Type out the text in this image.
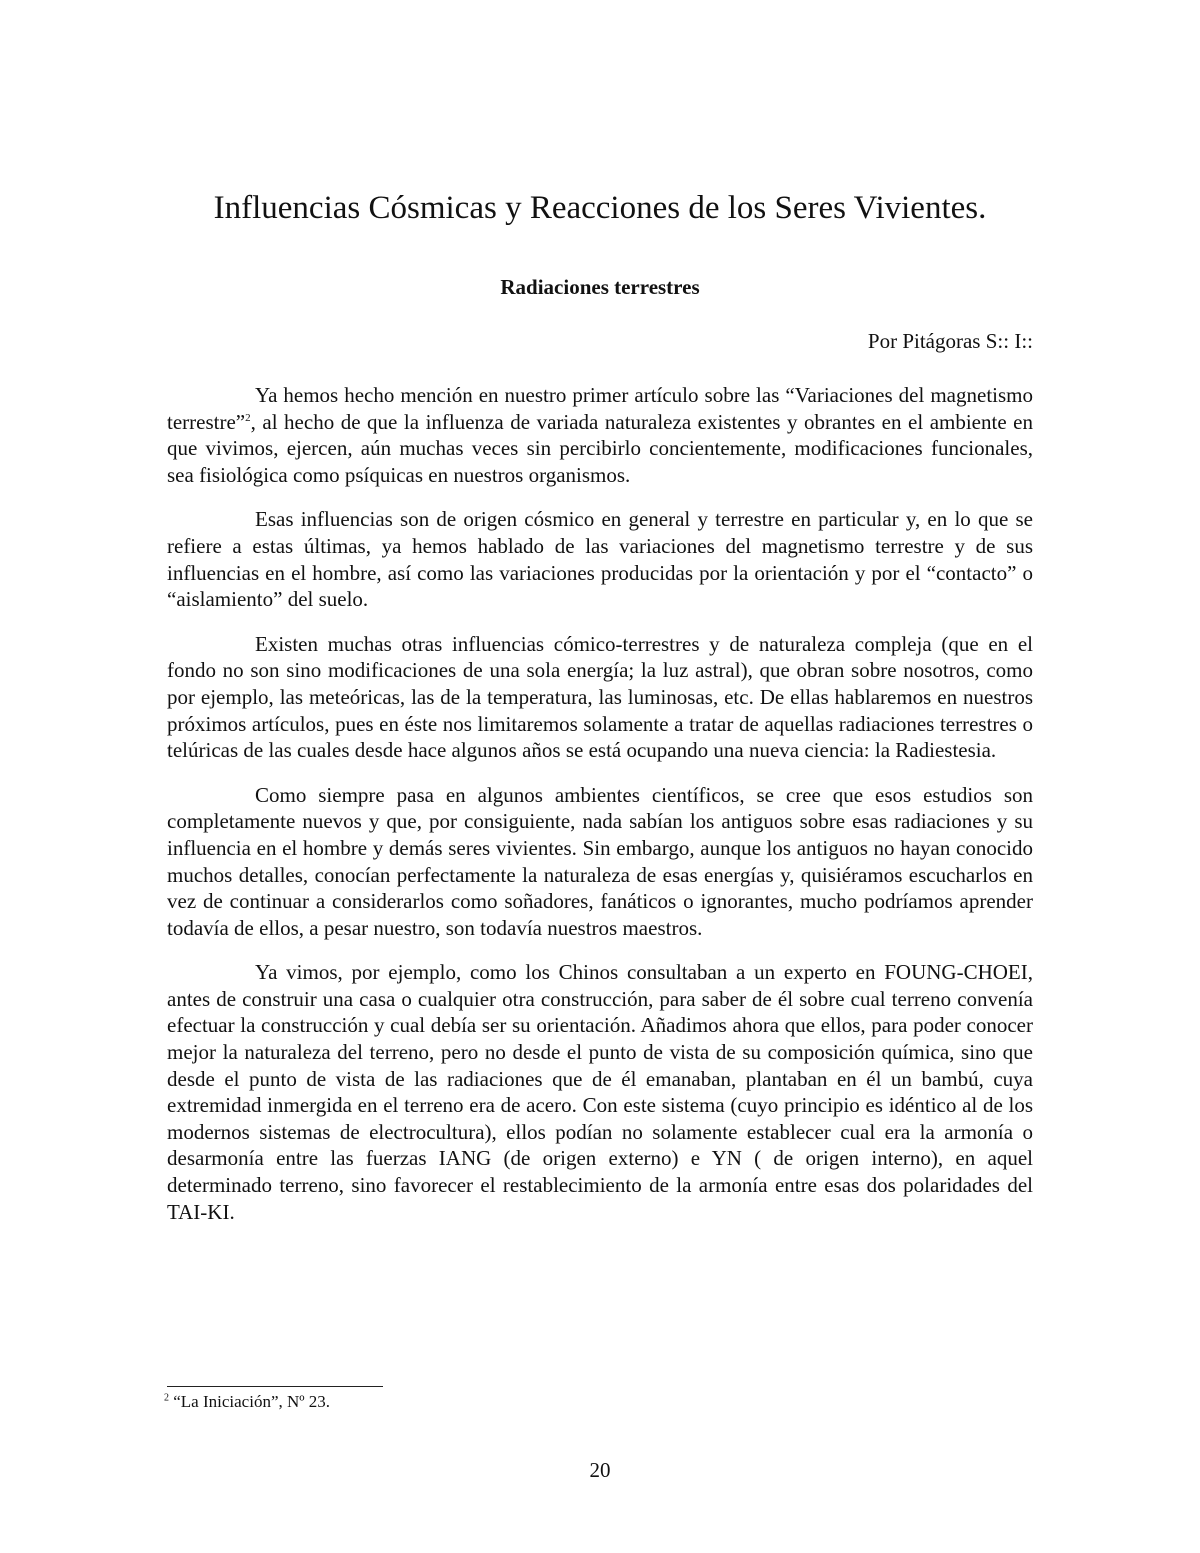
Influencias Cósmicas y Reacciones de los Seres Vivientes.
Radiaciones terrestres

Por Pitágoras S:: I::

Ya hemos hecho mención en nuestro primer artículo sobre las “Variaciones del magnetismo terrestre”$^2$, al hecho de que la influenza de variada naturaleza existentes y obrantes en el ambiente en que vivimos, ejercen, aún muchas veces sin percibirlo concientemente, modificaciones funcionales, sea fisiológica como psíquicas en nuestros organismos.

Esas influencias son de origen cósmico en general y terrestre en particular y, en lo que se refiere a estas últimas, ya hemos hablado de las variaciones del magnetismo terrestre y de sus influencias en el hombre, así como las variaciones producidas por la orientación y por el “contacto” o “aislamiento” del suelo.

Existen muchas otras influencias cómico-terrestres y de naturaleza compleja (que en el fondo no son sino modificaciones de una sola energía; la luz astral), que obran sobre nosotros, como por ejemplo, las meteóricas, las de la temperatura, las luminosas, etc. De ellas hablaremos en nuestros próximos artículos, pues en éste nos limitaremos solamente a tratar de aquellas radiaciones terrestres o telúricas de las cuales desde hace algunos años se está ocupando una nueva ciencia: la Radiestesia.

Como siempre pasa en algunos ambientes científicos, se cree que esos estudios son completamente nuevos y que, por consiguiente, nada sabían los antiguos sobre esas radiaciones y su influencia en el hombre y demás seres vivientes. Sin embargo, aunque los antiguos no hayan conocido muchos detalles, conocían perfectamente la naturaleza de esas energías y, quisiéramos escucharlos en vez de continuar a considerarlos como soñadores, fanáticos o ignorantes, mucho podríamos aprender todavía de ellos, a pesar nuestro, son todavía nuestros maestros.

Ya vimos, por ejemplo, como los Chinos consultaban a un experto en FOUNG-CHOEI, antes de construir una casa o cualquier otra construcción, para saber de él sobre cual terreno convenía efectuar la construcción y cual debía ser su orientación. Añadimos ahora que ellos, para poder conocer mejor la naturaleza del terreno, pero no desde el punto de vista de su composición química, sino que desde el punto de vista de las radiaciones que de él emanaban, plantaban en él un bambú, cuya extremidad inmergida en el terreno era de acero. Con este sistema (cuyo principio es idéntico al de los modernos sistemas de electrocultura), ellos podían no solamente establecer cual era la armonía o desarmonía entre las fuerzas IANG (de origen externo) e YN ( de origen interno), en aquel determinado terreno, sino favorecer el restablecimiento de la armonía entre esas dos polaridades del TAI-KI.

$^2$ “La Iniciación”, Nº 23.

20
